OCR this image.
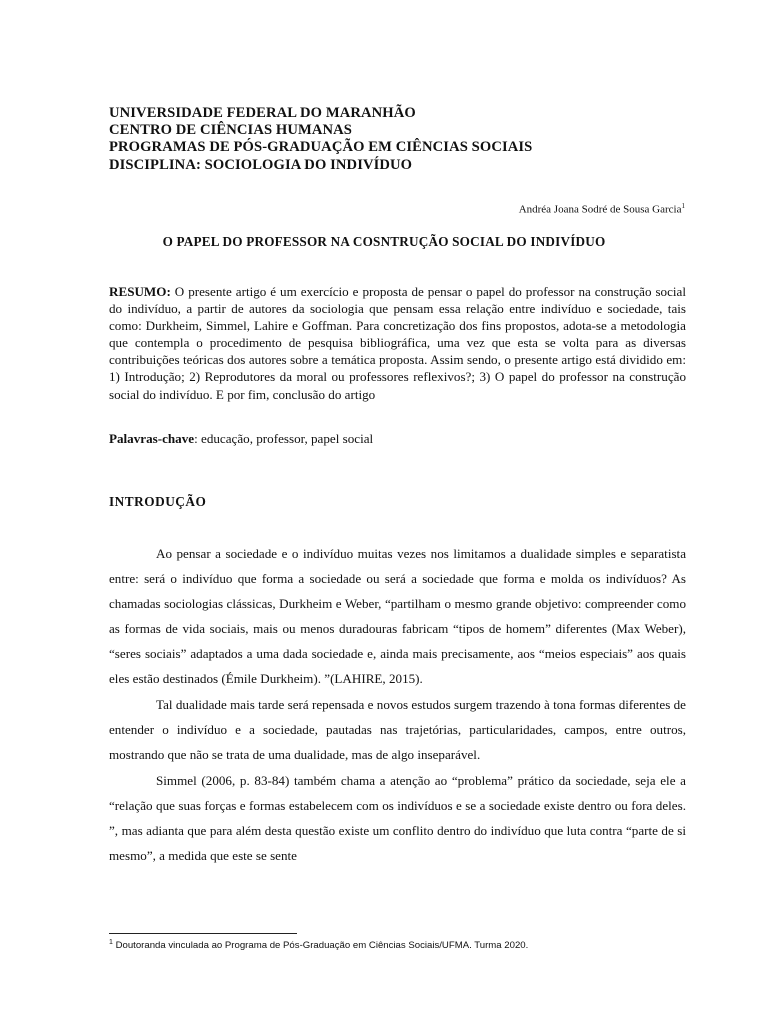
UNIVERSIDADE FEDERAL DO MARANHÃO
CENTRO DE CIÊNCIAS HUMANAS
PROGRAMAS DE PÓS-GRADUAÇÃO EM CIÊNCIAS SOCIAIS
DISCIPLINA: SOCIOLOGIA DO INDIVÍDUO
Andréa Joana Sodré de Sousa Garcia$^1$
O PAPEL DO PROFESSOR NA COSNTRUÇÃO SOCIAL DO INDIVÍDUO
RESUMO: O presente artigo é um exercício e proposta de pensar o papel do professor na construção social do indivíduo, a partir de autores da sociologia que pensam essa relação entre indivíduo e sociedade, tais como: Durkheim, Simmel, Lahire e Goffman. Para concretização dos fins propostos, adota-se a metodologia que contempla o procedimento de pesquisa bibliográfica, uma vez que esta se volta para as diversas contribuições teóricas dos autores sobre a temática proposta. Assim sendo, o presente artigo está dividido em: 1) Introdução; 2) Reprodutores da moral ou professores reflexivos?; 3) O papel do professor na construção social do indivíduo. E por fim, conclusão do artigo
Palavras-chave: educação, professor, papel social
INTRODUÇÃO

Ao pensar a sociedade e o indivíduo muitas vezes nos limitamos a dualidade simples e separatista entre: será o indivíduo que forma a sociedade ou será a sociedade que forma e molda os indivíduos? As chamadas sociologias clássicas, Durkheim e Weber, “partilham o mesmo grande objetivo: compreender como as formas de vida sociais, mais ou menos duradouras fabricam “tipos de homem” diferentes (Max Weber), “seres sociais” adaptados a uma dada sociedade e, ainda mais precisamente, aos “meios especiais” aos quais eles estão destinados (Émile Durkheim). ”(LAHIRE, 2015).

Tal dualidade mais tarde será repensada e novos estudos surgem trazendo à tona formas diferentes de entender o indivíduo e a sociedade, pautadas nas trajetórias, particularidades, campos, entre outros, mostrando que não se trata de uma dualidade, mas de algo inseparável.

Simmel (2006, p. 83-84) também chama a atenção ao “problema” prático da sociedade, seja ele a “relação que suas forças e formas estabelecem com os indivíduos e se a sociedade existe dentro ou fora deles. ”, mas adianta que para além desta questão existe um conflito dentro do indivíduo que luta contra “parte de si mesmo”, a medida que este se sente

$^1$ Doutoranda vinculada ao Programa de Pós-Graduação em Ciências Sociais/UFMA. Turma 2020.
